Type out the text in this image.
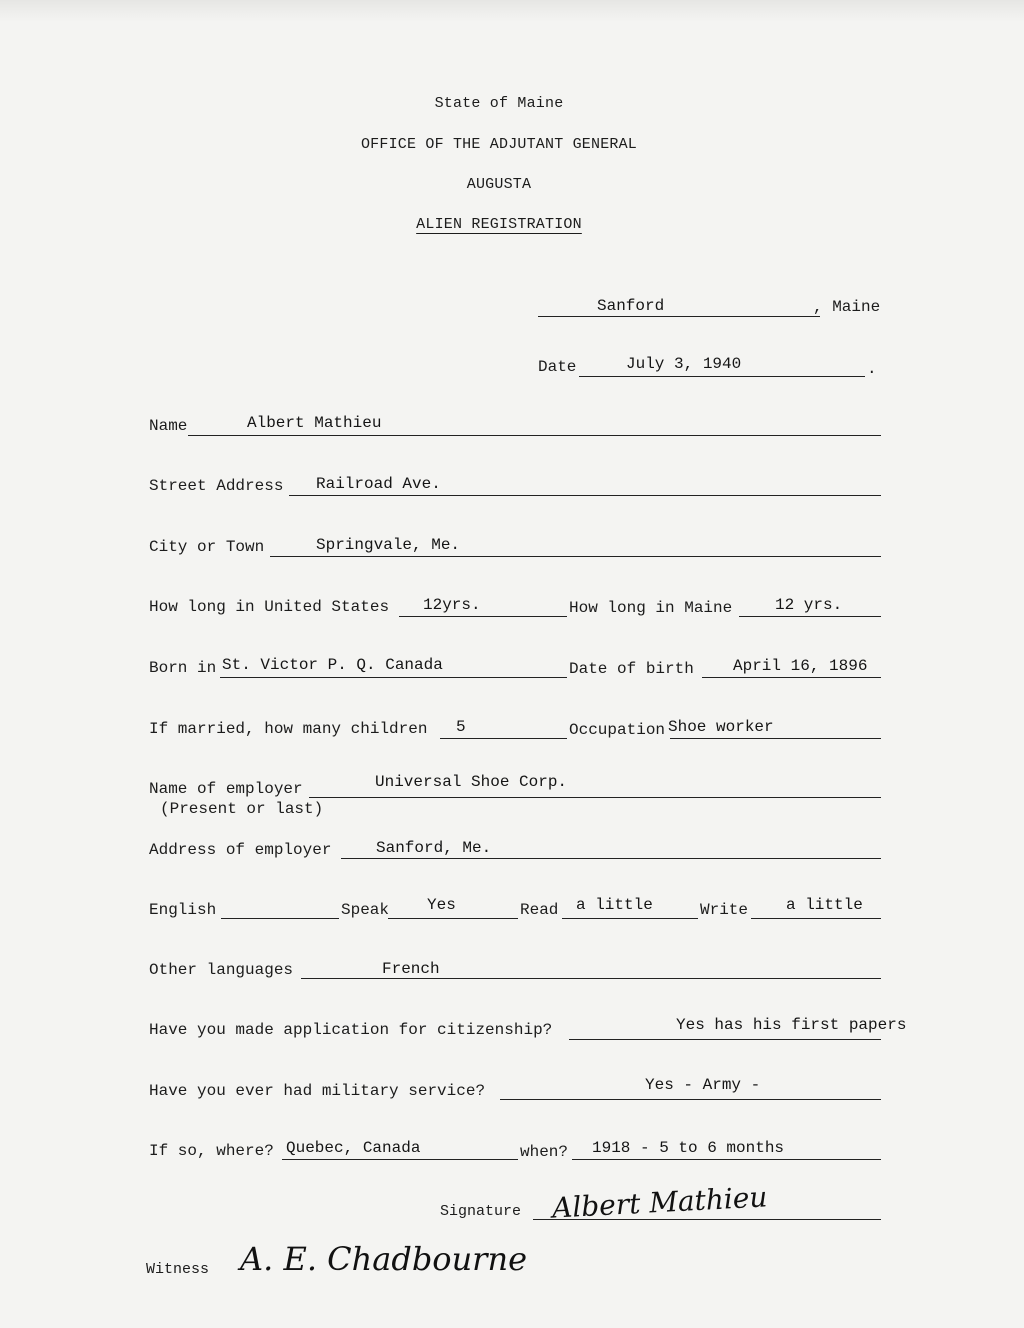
State of Maine
OFFICE OF THE ADJUTANT GENERAL
AUGUSTA
ALIEN REGISTRATION
Sanford	, Maine
Date	July 3, 1940	.
Name	Albert Mathieu
Street Address Railroad Ave.
City or Town	Springvale, Me.
How long in United States 12yrs.	How long in Maine	12 yrs.
Born in St. Victor P. Q. Canada	Date of birth April 16, 1896
If married, how many children 5	Occupation Shoe worker
Name of employer
(Present or last)
Universal Shoe Corp.
Address of employer	Sanford, Me.
English	Speak Yes	Read a little	Write a little
Other languages	French
Have you made application for citizenship?	Yes has his first papers
Have you ever had military service?	Yes - Army -
If so, where? Quebec, Canada	when? 1918 - 5 to 6 months
Signature Albert Mathieu
Witness A. E. Chadbourne
